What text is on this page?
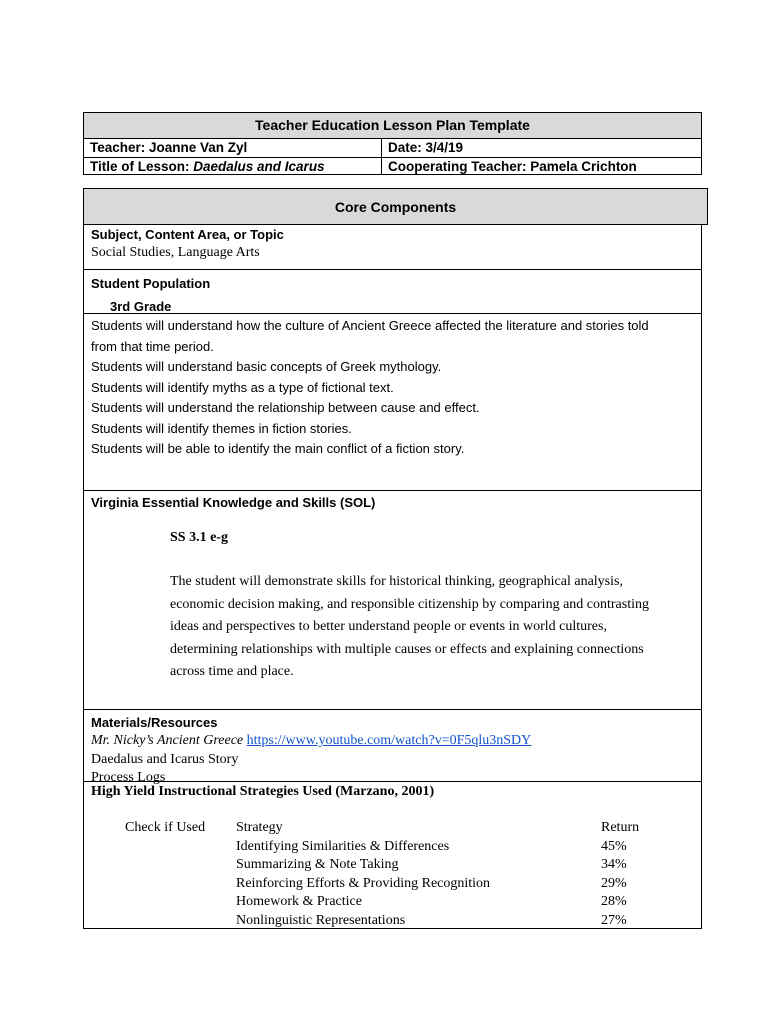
Teacher Education Lesson Plan Template
Teacher: Joanne Van Zyl	Date: 3/4/19
Title of Lesson: Daedalus and Icarus	Cooperating Teacher: Pamela Crichton
Core Components
Subject, Content Area, or Topic
Social Studies, Language Arts
Student Population
3rd Grade
Students will understand how the culture of Ancient Greece affected the literature and stories told
from that time period.
Students will understand basic concepts of Greek mythology.
Students will identify myths as a type of fictional text.
Students will understand the relationship between cause and effect.
Students will identify themes in fiction stories.
Students will be able to identify the main conflict of a fiction story.
Virginia Essential Knowledge and Skills (SOL)
SS 3.1 e-g
The student will demonstrate skills for historical thinking, geographical analysis,
economic decision making, and responsible citizenship by comparing and contrasting
ideas and perspectives to better understand people or events in world cultures,
determining relationships with multiple causes or effects and explaining connections
across time and place.
Materials/Resources
Mr. Nicky’s Ancient Greece https://www.youtube.com/watch?v=0F5qlu3nSDY
Daedalus and Icarus Story
Process Logs
High Yield Instructional Strategies Used (Marzano, 2001)
Check if Used Strategy
Identifying Similarities & Differences
Summarizing & Note Taking
Reinforcing Efforts & Providing Recognition
Homework & Practice
Nonlinguistic Representations
Return
45%
34%
29%
28%
27%
